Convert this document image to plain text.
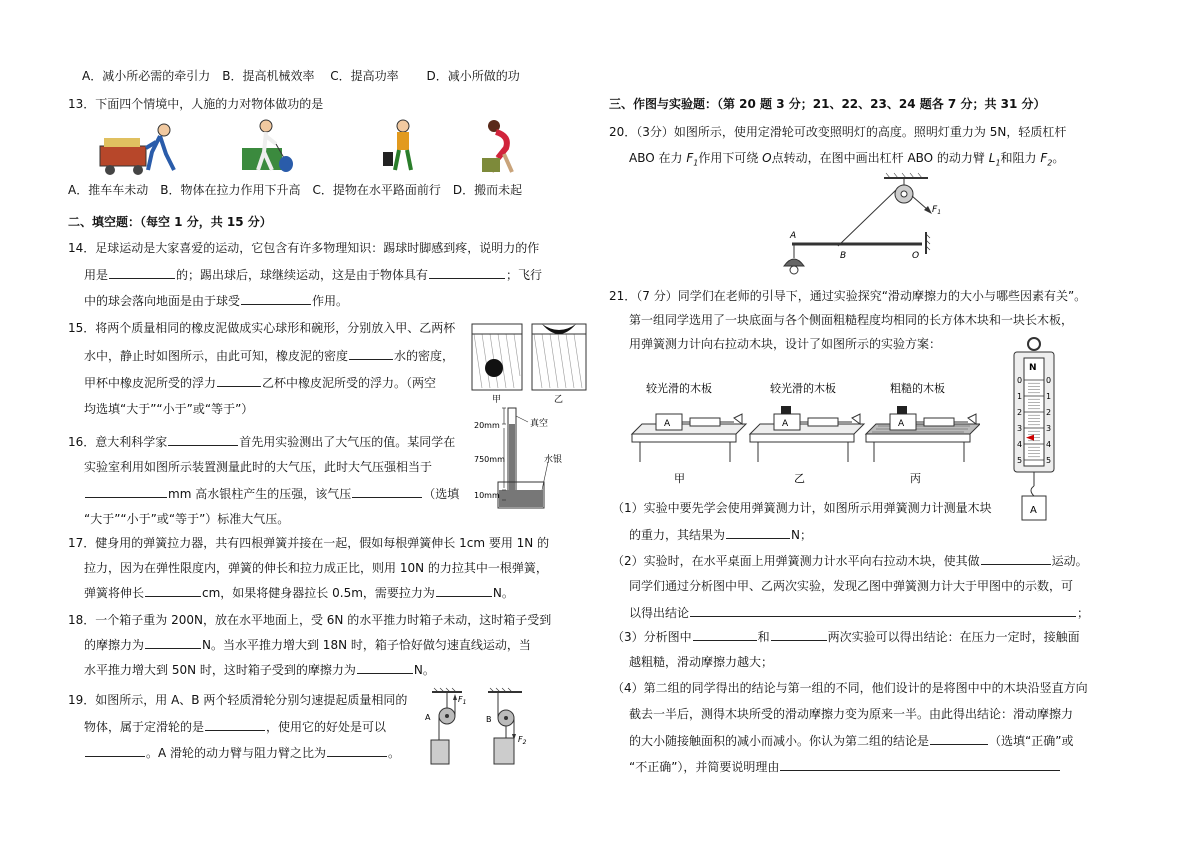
A．减小所必需的牵引力　B．提高机械效率　 C．提高功率　　 D．减小所做的功
13．下面四个情境中，人施的力对物体做功的是
A．推车车未动　B．物体在拉力作用下升高　C．提物在水平路面前行　D．搬而未起
二、填空题：（每空 1 分，共 15 分）
14．足球运动是大家喜爱的运动，它包含有许多物理知识：踢球时脚感到疼，说明力的作
用是	的；踢出球后，球继续运动，这是由于物体具有	；飞行
中的球会落向地面是由于球受	作用。
15．将两个质量相同的橡皮泥做成实心球形和碗形，分别放入甲、乙两杯
水中，静止时如图所示，由此可知，橡皮泥的密度	水的密度，
甲杯中橡皮泥所受的浮力	乙杯中橡皮泥所受的浮力。（两空
均选填“大于”“小于”或“等于”）
甲	乙
16．意大利科学家	首先用实验测出了大气压的值。某同学在
实验室利用如图所示装置测量此时的大气压，此时大气压强相当于
mm 高水银柱产生的压强，该气压	（选填
“大于”“小于”或“等于”）标准大气压。
20mm	真空
750mm	水银
10mm
17．健身用的弹簧拉力器，共有四根弹簧并接在一起，假如每根弹簧伸长 1cm 要用 1N 的
拉力，因为在弹性限度内，弹簧的伸长和拉力成正比，则用 10N 的力拉其中一根弹簧，
弹簧将伸长	cm，如果将健身器拉长 0.5m，需要拉力为	N。
18．一个箱子重为 200N，放在水平地面上，受 6N 的水平推力时箱子未动，这时箱子受到
的摩擦力为	N。当水平推力增大到 18N 时，箱子恰好做匀速直线运动，当
水平推力增大到 50N 时，这时箱子受到的摩擦力为	N。
19．如图所示，用 A、B 两个轻质滑轮分别匀速提起质量相同的
物体，属于定滑轮的是	，使用它的好处是可以
。A 滑轮的动力臂与阻力臂之比为	。
A
$F_1$
B
$F_2$
三、作图与实验题：（第 20 题 3 分；21、22、23、24 题各 7 分；共 31 分）
20．（3分）如图所示，使用定滑轮可改变照明灯的高度。照明灯重力为 5N，轻质杠杆
ABO 在力 $F_1$作用下可绕 O点转动，在图中画出杠杆 ABO 的动力臂 $L_1$和阻力 $F_2$。
A
B	O
$F_1$
21．（7 分）同学们在老师的引导下，通过实验探究“滑动摩擦力的大小与哪些因素有关”。
第一组同学选用了一块底面与各个侧面粗糙程度均相同的长方体木块和一块长木板，
用弹簧测力计向右拉动木块，设计了如图所示的实验方案：
较光滑的木板	较光滑的木板	粗糙的木板
A	A	A
甲	乙	丙
N
0	0
1	1
2	2
3	3
4	4
5	5
A
（1）实验中要先学会使用弹簧测力计，如图所示用弹簧测力计测量木块
的重力，其结果为	N；
（2）实验时，在水平桌面上用弹簧测力计水平向右拉动木块，使其做	运动。
同学们通过分析图中甲、乙两次实验，发现乙图中弹簧测力计大于甲图中的示数，可
以得出结论	；
（3）分析图中	和	两次实验可以得出结论：在压力一定时，接触面
越粗糙，滑动摩擦力越大；
（4）第二组的同学得出的结论与第一组的不同，他们设计的是将图中中的木块沿竖直方向
截去一半后，测得木块所受的滑动摩擦力变为原来一半。由此得出结论：滑动摩擦力
的大小随接触面积的减小而减小。你认为第二组的结论是	（选填“正确”或
“不正确”），并简要说明理由
